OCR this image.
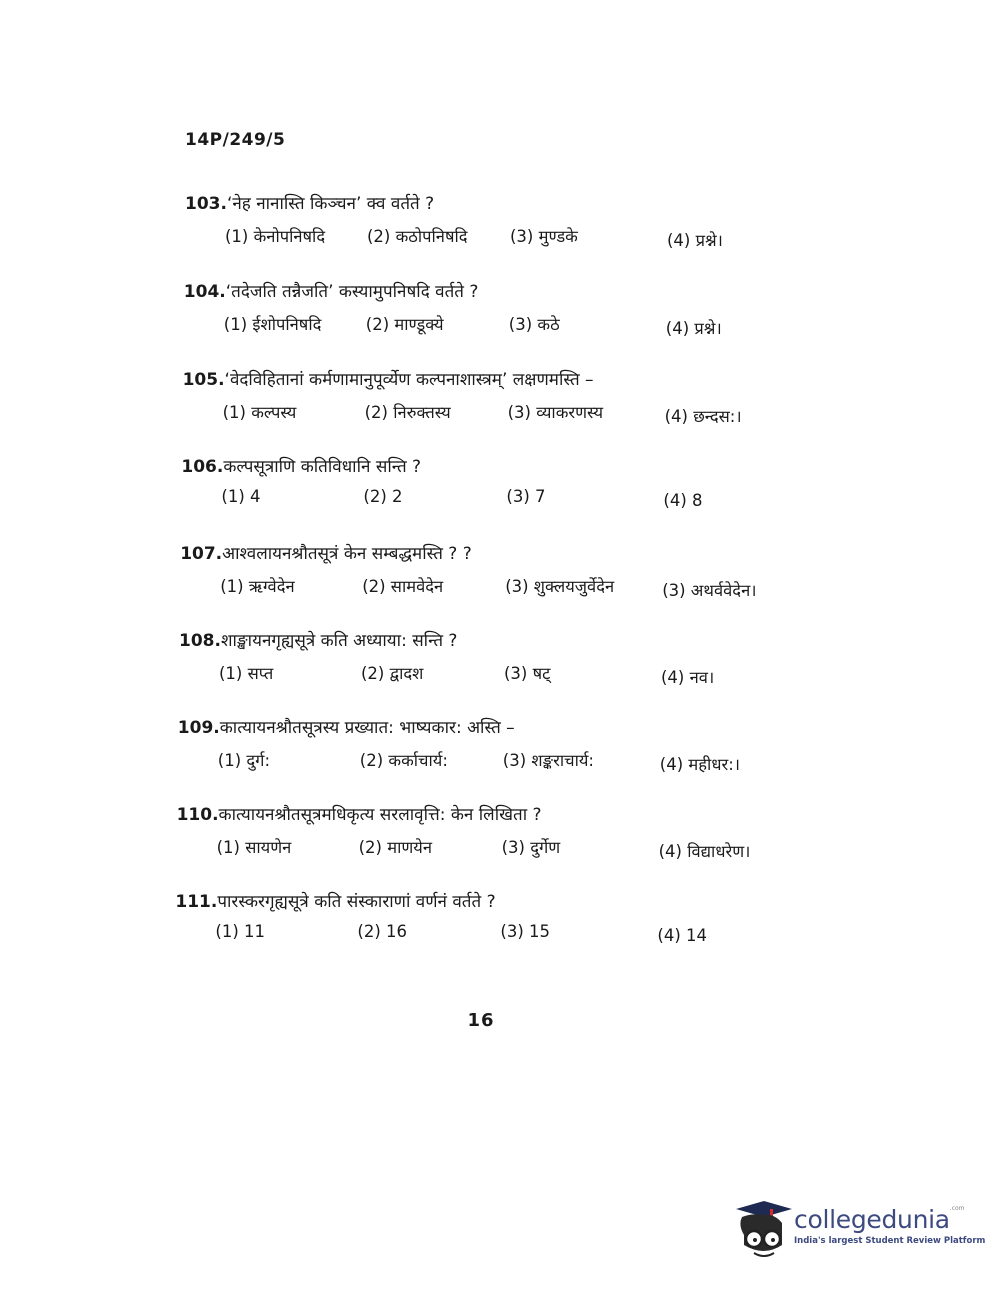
14P/249/5
103.‘नेह नानास्ति किञ्चन’ क्व वर्तते ?
(1) केनोपनिषदि	(2) कठोपनिषदि	(3) मुण्डके	(4) प्रश्ने।
104.‘तदेजति तन्नैजति’ कस्यामुपनिषदि वर्तते ?
(1) ईशोपनिषदि	(2) माण्डूक्ये	(3) कठे	(4) प्रश्ने।
105.‘वेदविहितानां कर्मणामानुपूर्व्येण कल्पनाशास्त्रम्’ लक्षणमस्ति –
(1) कल्पस्य	(2) निरुक्तस्य	(3) व्याकरणस्य	(4) छन्दस:।
106.कल्पसूत्राणि कतिविधानि सन्ति ?
(1) 4	(2) 2	(3) 7	(4) 8
107.आश्वलायनश्रौतसूत्रं केन सम्बद्धमस्ति ? ?
(1) ऋग्वेदेन	(2) सामवेदेन	(3) शुक्लयजुर्वेदेन	(3) अथर्ववेदेन।
108.शाङ्खायनगृह्यसूत्रे कति अध्याया: सन्ति ?
(1) सप्त	(2) द्वादश	(3) षट्	(4) नव।
109.कात्यायनश्रौतसूत्रस्य प्रख्यात: भाष्यकार: अस्ति –
(1) दुर्ग:	(2) कर्काचार्य:	(3) शङ्कराचार्य:	(4) महीधर:।
110.कात्यायनश्रौतसूत्रमधिकृत्य सरलावृत्ति: केन लिखिता ?
(1) सायणेन	(2) माणयेन	(3) दुर्गेण	(4) विद्याधरेण।
111.पारस्करगृह्यसूत्रे कति संस्काराणां वर्णनं वर्तते ?
(1) 11	(2) 16	(3) 15	(4) 14
16
collegedunia$^{.com}$
India's largest Student Review Platform
